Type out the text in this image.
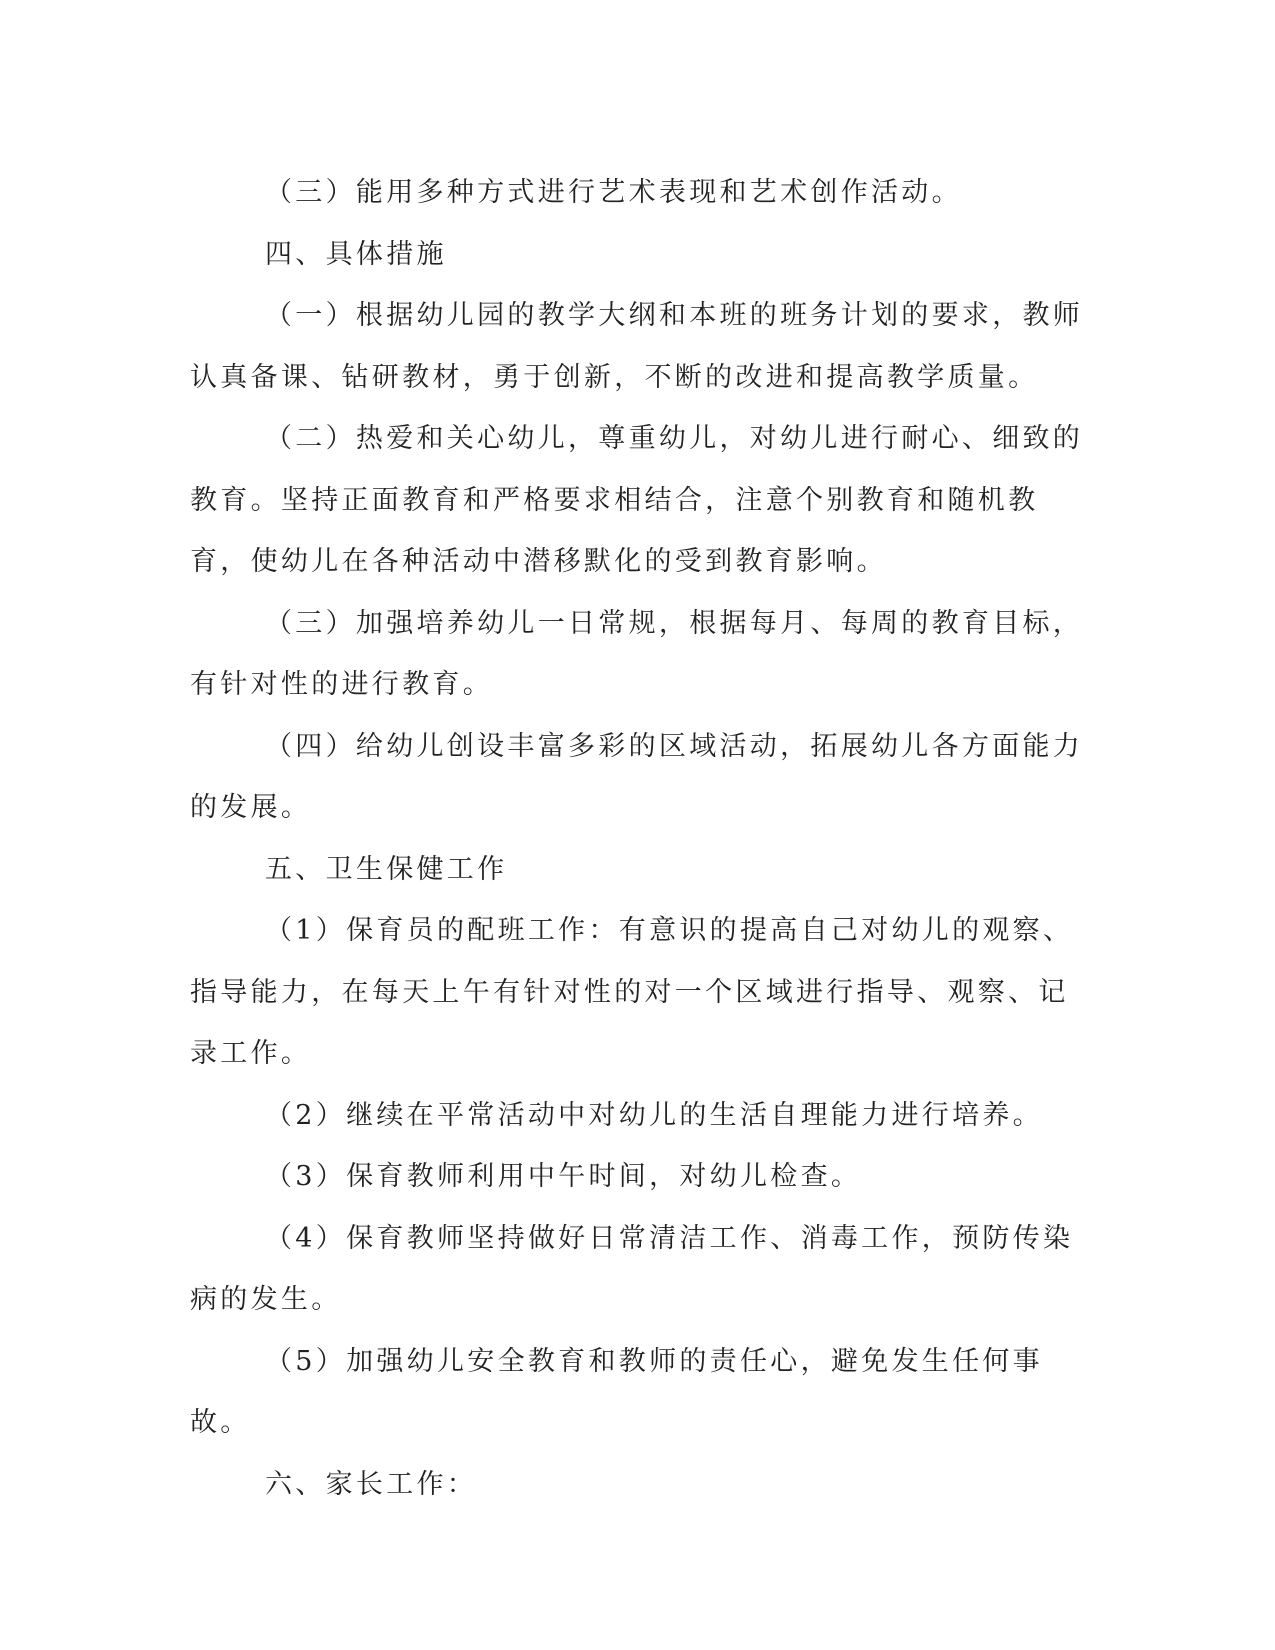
（三）能用多种方式进行艺术表现和艺术创作活动。

四、具体措施

（一）根据幼儿园的教学大纲和本班的班务计划的要求，教师认真备课、钻研教材，勇于创新，不断的改进和提高教学质量。

（二）热爱和关心幼儿，尊重幼儿，对幼儿进行耐心、细致的教育。坚持正面教育和严格要求相结合，注意个别教育和随机教育，使幼儿在各种活动中潜移默化的受到教育影响。

（三）加强培养幼儿一日常规，根据每月、每周的教育目标，有针对性的进行教育。

（四）给幼儿创设丰富多彩的区域活动，拓展幼儿各方面能力的发展。

五、卫生保健工作

（1）保育员的配班工作：有意识的提高自己对幼儿的观察、指导能力，在每天上午有针对性的对一个区域进行指导、观察、记录工作。

（2）继续在平常活动中对幼儿的生活自理能力进行培养。

（3）保育教师利用中午时间，对幼儿检查。

（4）保育教师坚持做好日常清洁工作、消毒工作，预防传染病的发生。

（5）加强幼儿安全教育和教师的责任心，避免发生任何事故。

六、家长工作：
